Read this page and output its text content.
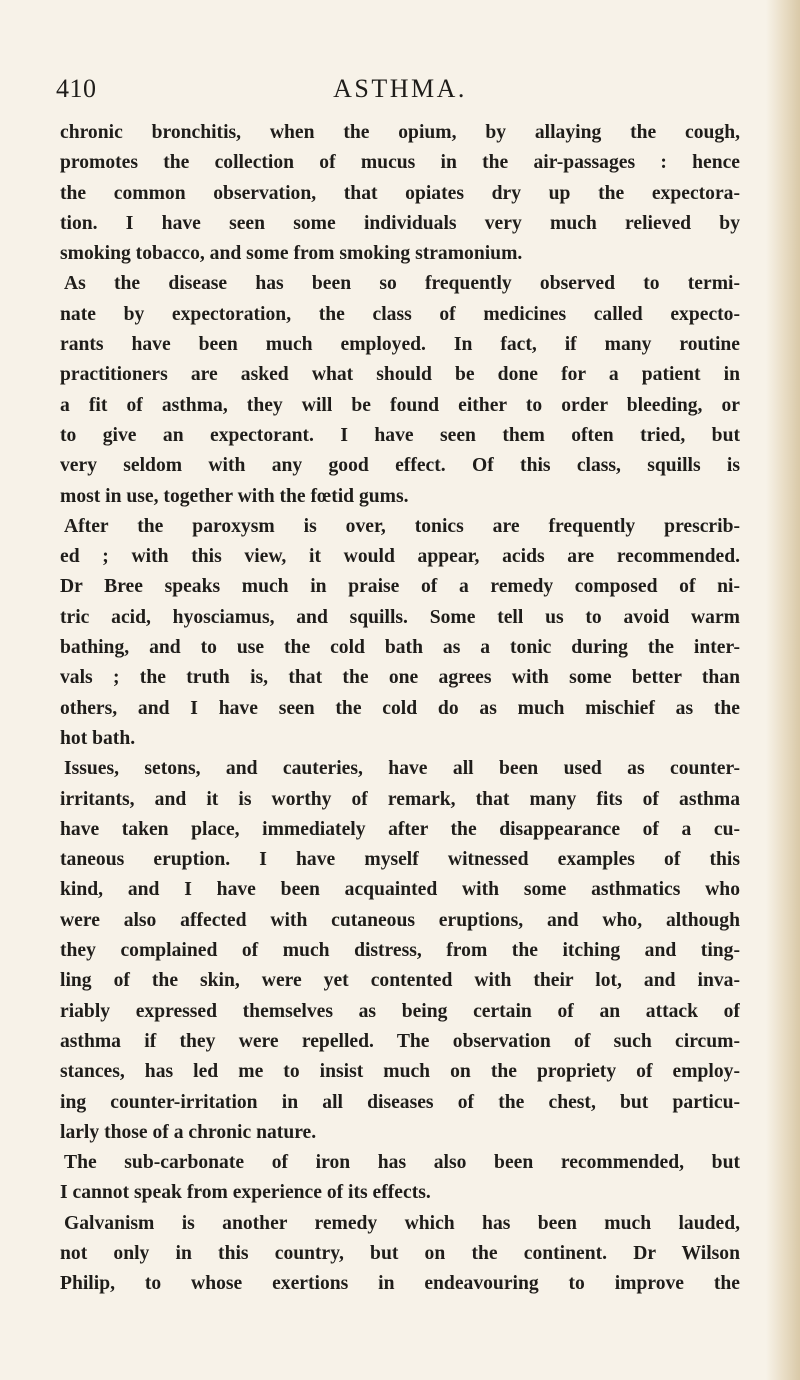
410	ASTHMA.
chronic bronchitis, when the opium, by allaying the cough,
promotes the collection of mucus in the air-passages : hence
the common observation, that opiates dry up the expectora-
tion. I have seen some individuals very much relieved by
smoking tobacco, and some from smoking stramonium.
As the disease has been so frequently observed to termi-
nate by expectoration, the class of medicines called expecto-
rants have been much employed. In fact, if many routine
practitioners are asked what should be done for a patient in
a fit of asthma, they will be found either to order bleeding, or
to give an expectorant. I have seen them often tried, but
very seldom with any good effect. Of this class, squills is
most in use, together with the fœtid gums.
After the paroxysm is over, tonics are frequently prescrib-
ed ; with this view, it would appear, acids are recommended.
Dr Bree speaks much in praise of a remedy composed of ni-
tric acid, hyosciamus, and squills. Some tell us to avoid warm
bathing, and to use the cold bath as a tonic during the inter-
vals ; the truth is, that the one agrees with some better than
others, and I have seen the cold do as much mischief as the
hot bath.
Issues, setons, and cauteries, have all been used as counter-
irritants, and it is worthy of remark, that many fits of asthma
have taken place, immediately after the disappearance of a cu-
taneous eruption. I have myself witnessed examples of this
kind, and I have been acquainted with some asthmatics who
were also affected with cutaneous eruptions, and who, although
they complained of much distress, from the itching and ting-
ling of the skin, were yet contented with their lot, and inva-
riably expressed themselves as being certain of an attack of
asthma if they were repelled. The observation of such circum-
stances, has led me to insist much on the propriety of employ-
ing counter-irritation in all diseases of the chest, but particu-
larly those of a chronic nature.
The sub-carbonate of iron has also been recommended, but
I cannot speak from experience of its effects.
Galvanism is another remedy which has been much lauded,
not only in this country, but on the continent. Dr Wilson
Philip, to whose exertions in endeavouring to improve the
